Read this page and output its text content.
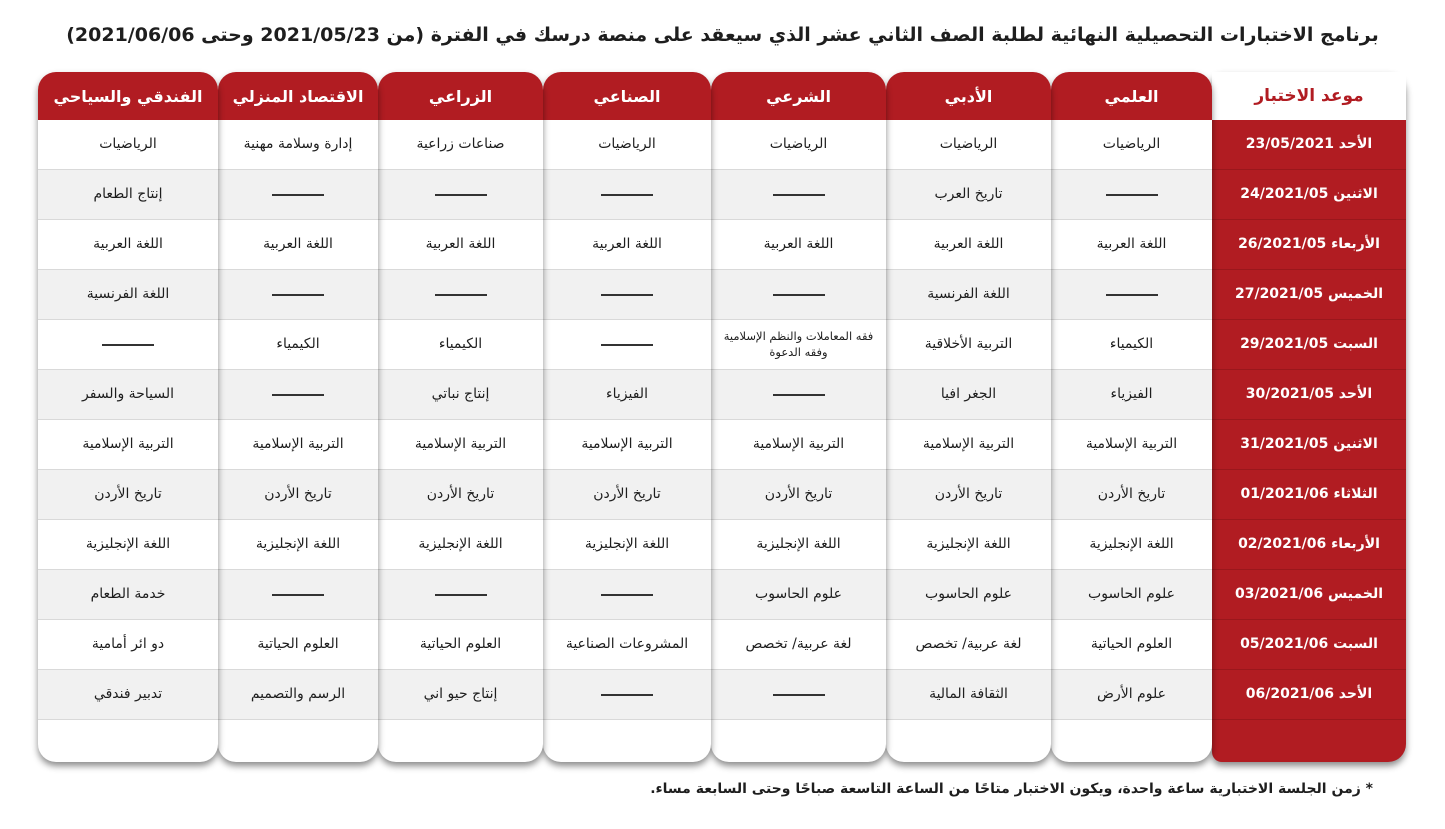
برنامج الاختبارات التحصيلية النهائية لطلبة الصف الثاني عشر الذي سيعقد على منصة درسك في الفترة (من 2021/05/23 وحتى 2021/06/06)
موعد الاختبار
الأحد 23/05/2021
الاثنين 24/2021/05
الأربعاء 26/2021/05
الخميس 27/2021/05
السبت 29/2021/05
الأحد 30/2021/05
الاثنين 31/2021/05
الثلاثاء 01/2021/06
الأربعاء 02/2021/06
الخميس 03/2021/06
السبت 05/2021/06
الأحد 06/2021/06
العلمي
الرياضيات
اللغة العربية
الكيمياء
الفيزياء
التربية الإسلامية
تاريخ الأردن
اللغة الإنجليزية
علوم الحاسوب
العلوم الحياتية
علوم الأرض
الأدبي
الرياضيات
تاريخ العرب
اللغة العربية
اللغة الفرنسية
التربية الأخلاقية
الجغر افيا
التربية الإسلامية
تاريخ الأردن
اللغة الإنجليزية
علوم الحاسوب
لغة عربية/ تخصص
الثقافة المالية
الشرعي
الرياضيات
اللغة العربية
فقه المعاملات والنظم الإسلامية وفقه الدعوة
التربية الإسلامية
تاريخ الأردن
اللغة الإنجليزية
علوم الحاسوب
لغة عربية/ تخصص
الصناعي
الرياضيات
اللغة العربية
الفيزياء
التربية الإسلامية
تاريخ الأردن
اللغة الإنجليزية
المشروعات الصناعية
الزراعي
صناعات زراعية
اللغة العربية
الكيمياء
إنتاج نباتي
التربية الإسلامية
تاريخ الأردن
اللغة الإنجليزية
العلوم الحياتية
إنتاج حيو اني
الاقتصاد المنزلي
إدارة وسلامة مهنية
اللغة العربية
الكيمياء
التربية الإسلامية
تاريخ الأردن
اللغة الإنجليزية
العلوم الحياتية
الرسم والتصميم
الفندقي والسياحي
الرياضيات
إنتاج الطعام
اللغة العربية
اللغة الفرنسية
السياحة والسفر
التربية الإسلامية
تاريخ الأردن
اللغة الإنجليزية
خدمة الطعام
دو ائر أمامية
تدبير فندقي
* زمن الجلسة الاختبارية ساعة واحدة، ويكون الاختبار متاحًا من الساعة التاسعة صباحًا وحتى السابعة مساء.
